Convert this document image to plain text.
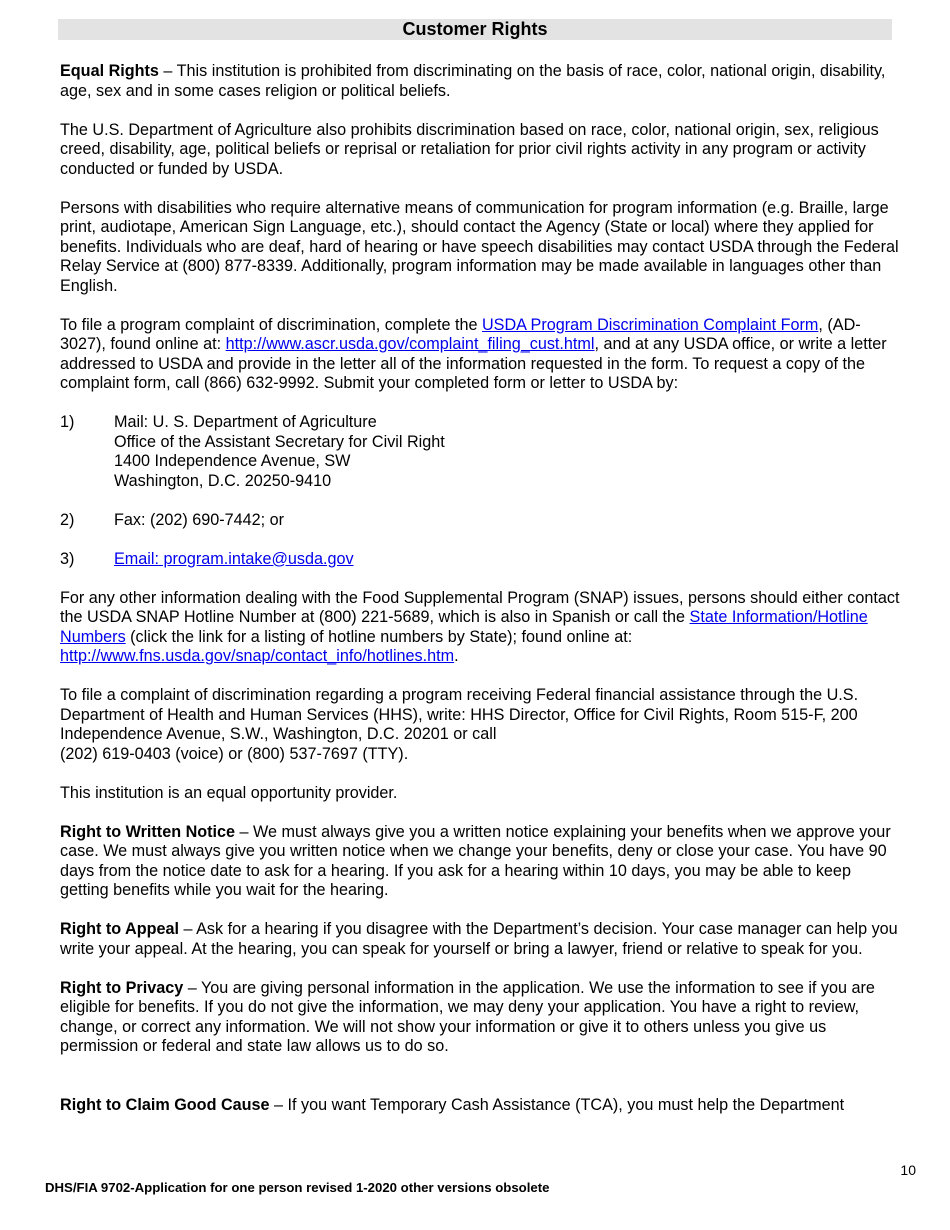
Customer Rights

Equal Rights – This institution is prohibited from discriminating on the basis of race, color, national origin, disability, age, sex and in some cases religion or political beliefs.

The U.S. Department of Agriculture also prohibits discrimination based on race, color, national origin, sex, religious creed, disability, age, political beliefs or reprisal or retaliation for prior civil rights activity in any program or activity conducted or funded by USDA.

Persons with disabilities who require alternative means of communication for program information (e.g. Braille, large print, audiotape, American Sign Language, etc.), should contact the Agency (State or local) where they applied for benefits. Individuals who are deaf, hard of hearing or have speech disabilities may contact USDA through the Federal Relay Service at (800) 877-8339. Additionally, program information may be made available in languages other than English.

To file a program complaint of discrimination, complete the USDA Program Discrimination Complaint Form, (AD-3027), found online at: http://www.ascr.usda.gov/complaint_filing_cust.html, and at any USDA office, or write a letter addressed to USDA and provide in the letter all of the information requested in the form. To request a copy of the complaint form, call (866) 632-9992. Submit your completed form or letter to USDA by:

1)	Mail: U. S. Department of Agriculture
Office of the Assistant Secretary for Civil Right
1400 Independence Avenue, SW
Washington, D.C. 20250-9410
2)	Fax: (202) 690-7442; or
3)	Email: program.intake@usda.gov

For any other information dealing with the Food Supplemental Program (SNAP) issues, persons should either contact the USDA SNAP Hotline Number at (800) 221-5689, which is also in Spanish or call the State Information/Hotline Numbers (click the link for a listing of hotline numbers by State); found online at: http://www.fns.usda.gov/snap/contact_info/hotlines.htm.

To file a complaint of discrimination regarding a program receiving Federal financial assistance through the U.S. Department of Health and Human Services (HHS), write: HHS Director, Office for Civil Rights, Room 515-F, 200 Independence Avenue, S.W., Washington, D.C. 20201 or call
(202) 619-0403 (voice) or (800) 537-7697 (TTY).

This institution is an equal opportunity provider.

Right to Written Notice – We must always give you a written notice explaining your benefits when we approve your case. We must always give you written notice when we change your benefits, deny or close your case. You have 90 days from the notice date to ask for a hearing. If you ask for a hearing within 10 days, you may be able to keep getting benefits while you wait for the hearing.

Right to Appeal – Ask for a hearing if you disagree with the Department’s decision. Your case manager can help you write your appeal. At the hearing, you can speak for yourself or bring a lawyer, friend or relative to speak for you.

Right to Privacy – You are giving personal information in the application. We use the information to see if you are eligible for benefits. If you do not give the information, we may deny your application. You have a right to review, change, or correct any information. We will not show your information or give it to others unless you give us permission or federal and state law allows us to do so.

Right to Claim Good Cause – If you want Temporary Cash Assistance (TCA), you must help the Department

10
DHS/FIA 9702-Application for one person revised 1-2020 other versions obsolete
